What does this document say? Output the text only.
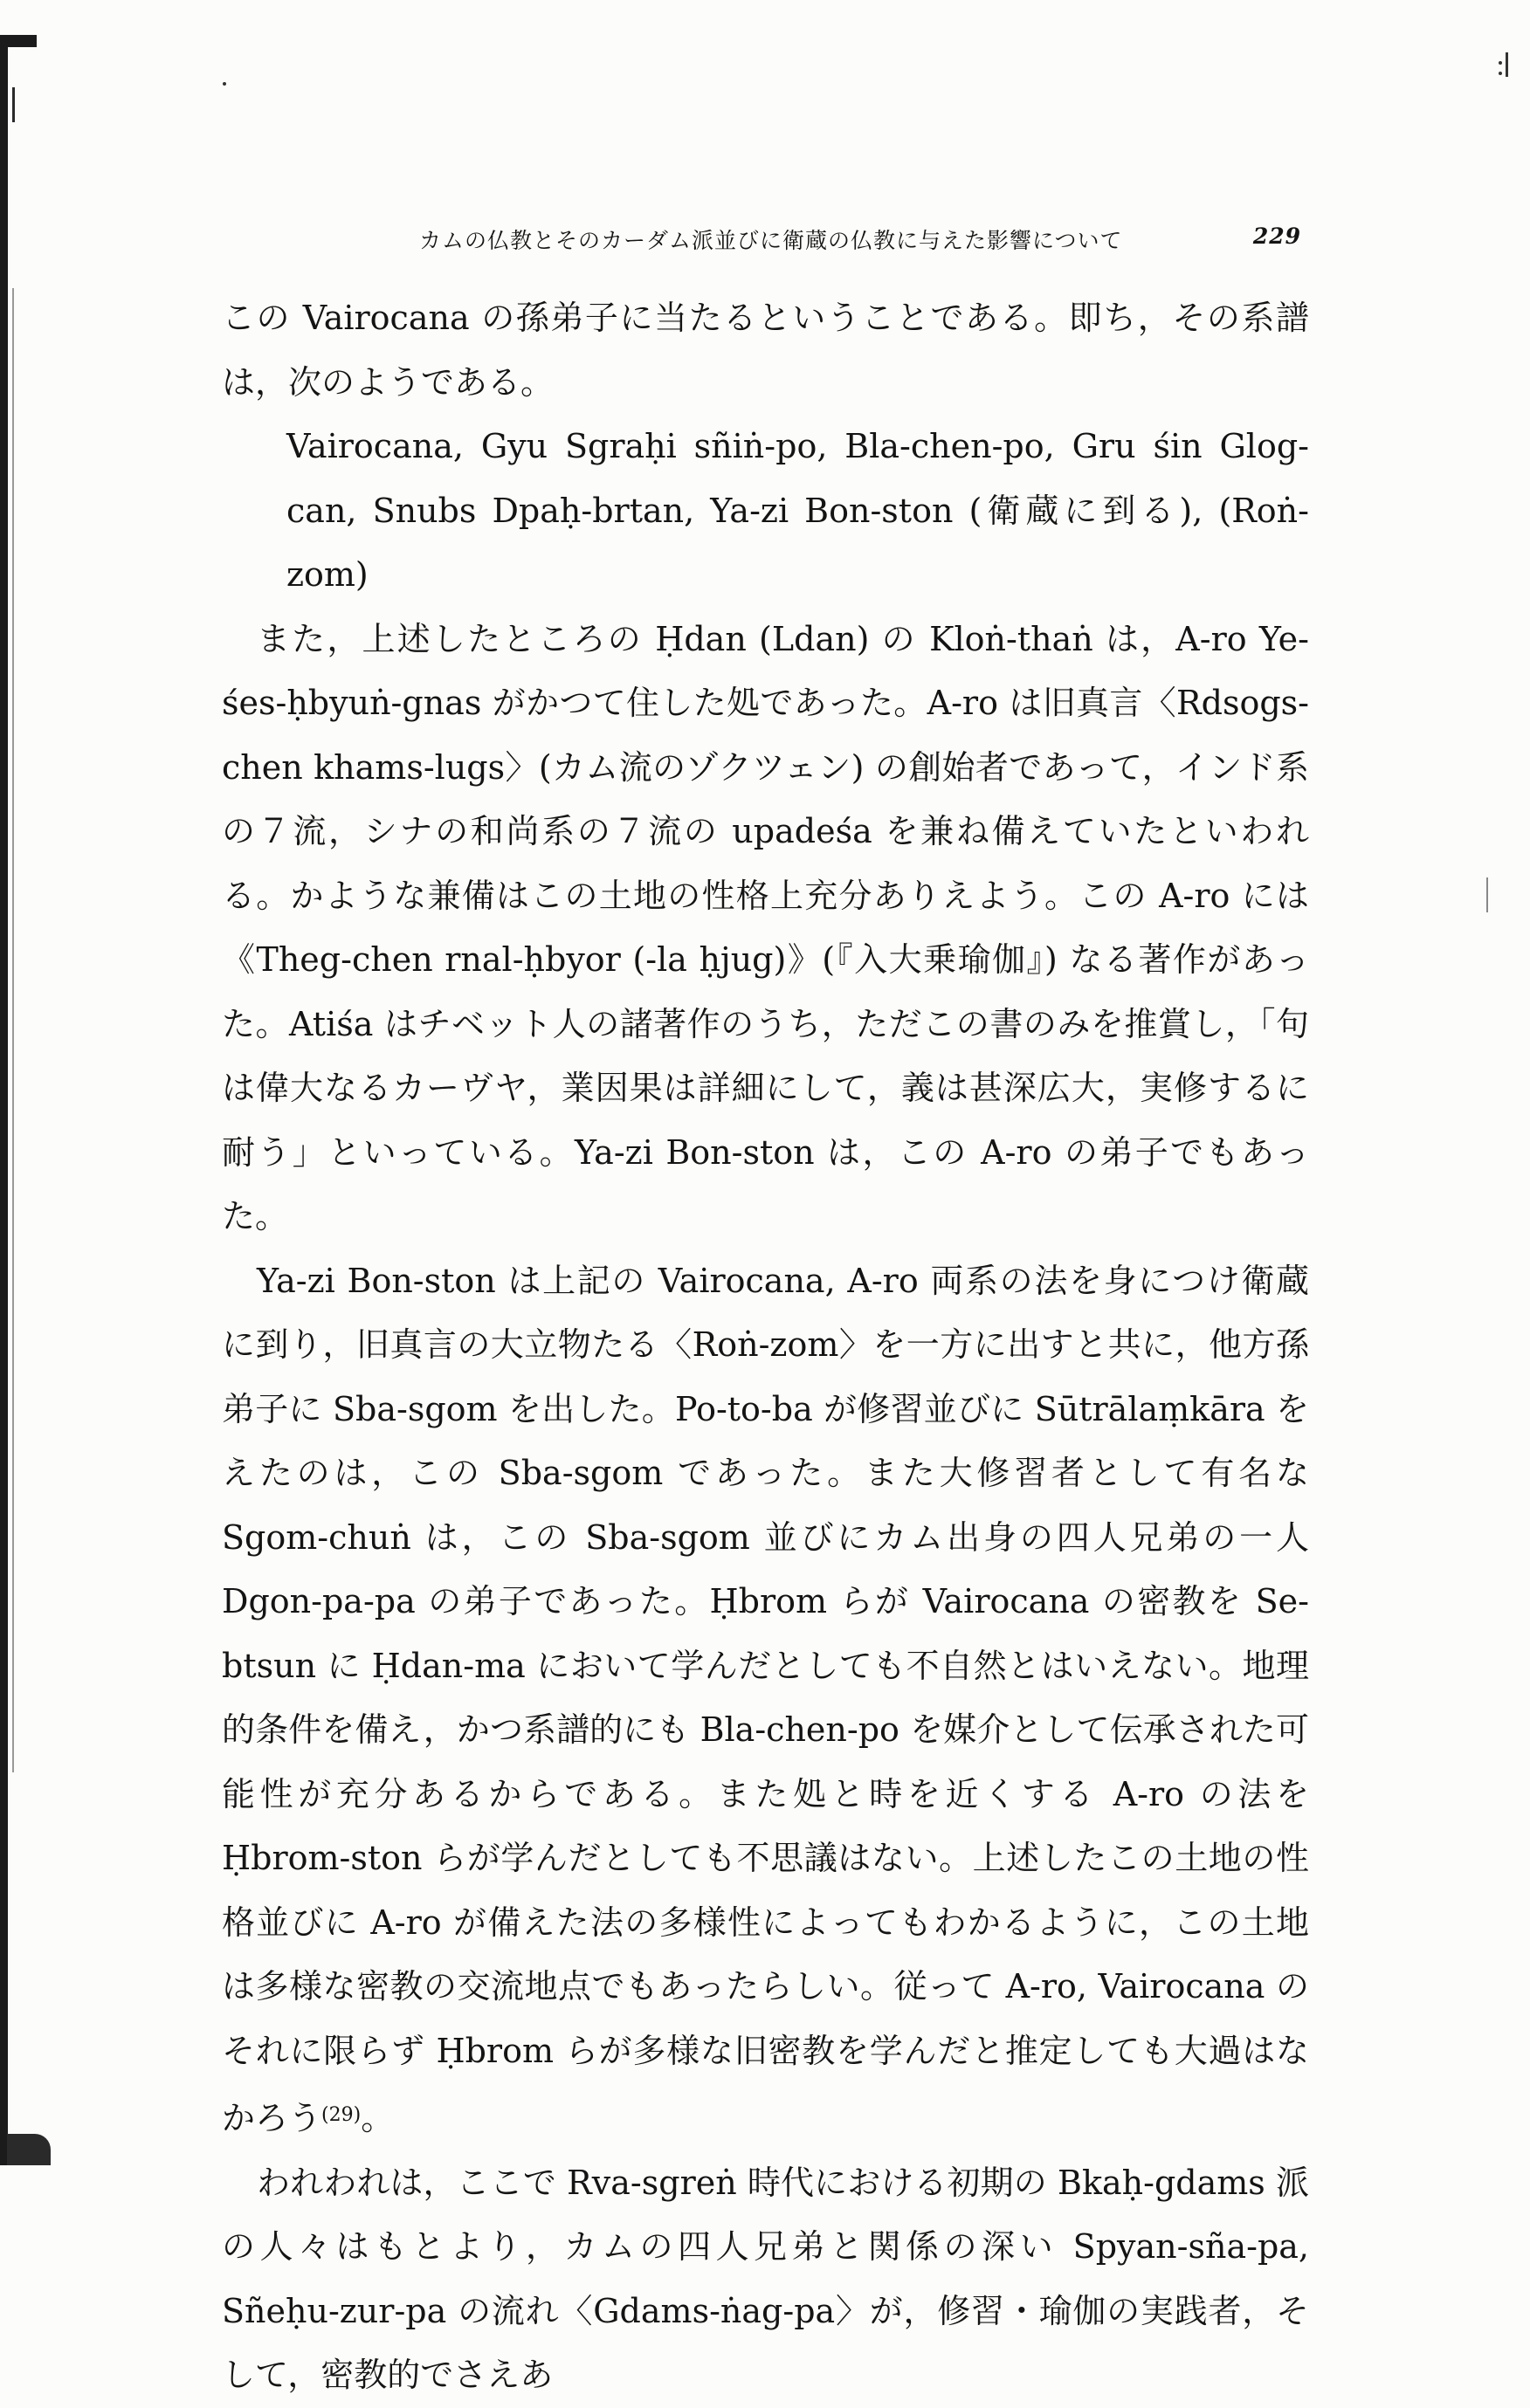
カムの仏教とそのカーダム派並びに衛蔵の仏教に与えた影響について	229

この Vairocana の孫弟子に当たるということである。即ち，その系譜は，次のようである。

Vairocana, Gyu Sgraḥi sñiṅ-po, Bla-chen-po, Gru śin Glog-can, Snubs Dpaḥ-brtan, Ya-zi Bon-ston (衛蔵に到る), (Roṅ-zom)

また，上述したところの Ḥdan (Ldan) の Kloṅ-thaṅ は，A-ro Ye-śes-ḥbyuṅ-gnas がかつて住した処であった。A-ro は旧真言〈Rdsogs-chen khams-lugs〉(カム流のゾクツェン) の創始者であって，インド系の７流，シナの和尚系の７流の upadeśa を兼ね備えていたといわれる。かような兼備はこの土地の性格上充分ありえよう。この A-ro には《Theg-chen rnal-ḥbyor (-la ḥjug)》(『入大乗瑜伽』) なる著作があった。Atiśa はチベット人の諸著作のうち，ただこの書のみを推賞し，「句は偉大なるカーヴヤ，業因果は詳細にして，義は甚深広大，実修するに耐う」といっている。Ya-zi Bon-ston は，この A-ro の弟子でもあった。

Ya-zi Bon-ston は上記の Vairocana, A-ro 両系の法を身につけ衛蔵に到り，旧真言の大立物たる〈Roṅ-zom〉を一方に出すと共に，他方孫弟子に Sba-sgom を出した。Po-to-ba が修習並びに Sūtrālaṃkāra をえたのは，この Sba-sgom であった。また大修習者として有名な Sgom-chuṅ は，この Sba-sgom 並びにカム出身の四人兄弟の一人 Dgon-pa-pa の弟子であった。Ḥbrom らが Vairocana の密教を Se-btsun に Ḥdan-ma において学んだとしても不自然とはいえない。地理的条件を備え，かつ系譜的にも Bla-chen-po を媒介として伝承された可能性が充分あるからである。また処と時を近くする A-ro の法を Ḥbrom-ston らが学んだとしても不思議はない。上述したこの土地の性格並びに A-ro が備えた法の多様性によってもわかるように，この土地は多様な密教の交流地点でもあったらしい。従って A-ro, Vairocana のそれに限らず Ḥbrom らが多様な旧密教を学んだと推定しても大過はなかろう$^{(29)}$。

われわれは，ここで Rva-sgreṅ 時代における初期の Bkaḥ-gdams 派の人々はもとより，カムの四人兄弟と関係の深い Spyan-sña-pa, Sñeḥu-zur-pa の流れ〈Gdams-ṅag-pa〉が，修習・瑜伽の実践者，そして，密教的でさえあ
